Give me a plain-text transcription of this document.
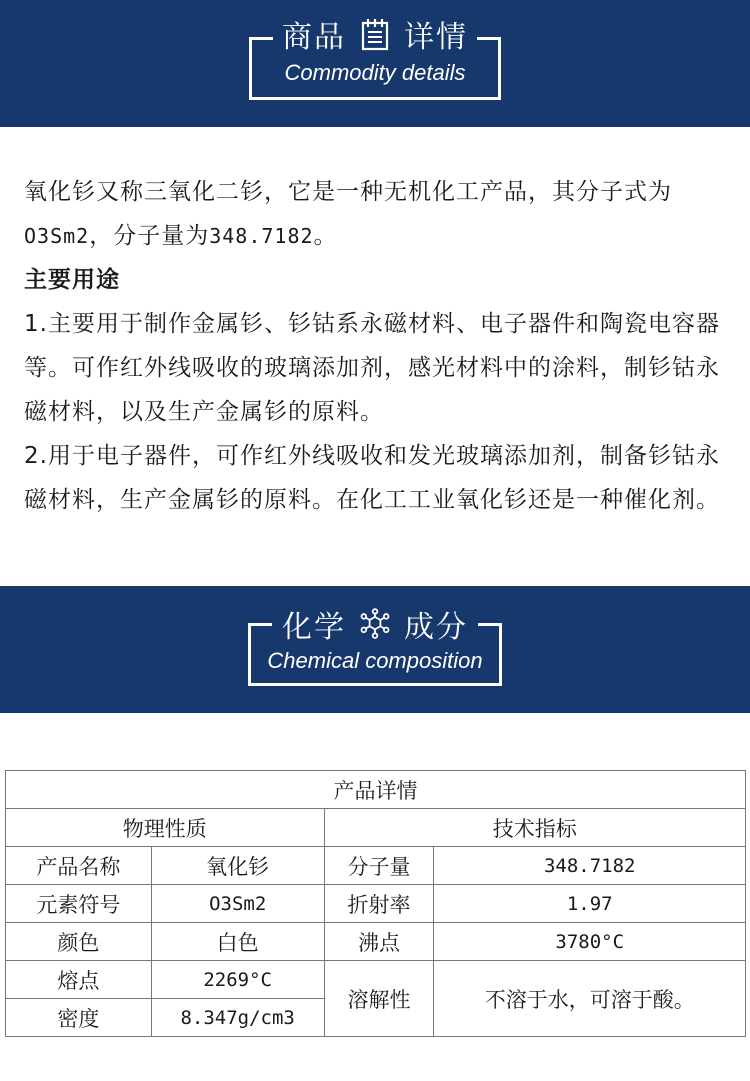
商品 详情
Commodity details

氧化钐又称三氧化二钐，它是一种无机化工产品，其分子式为

O3Sm2，分子量为348.7182。

主要用途

1.主要用于制作金属钐、钐钴系永磁材料、电子器件和陶瓷电容器等。可作红外线吸收的玻璃添加剂，感光材料中的涂料，制钐钴永磁材料，以及生产金属钐的原料。

2.用于电子器件，可作红外线吸收和发光玻璃添加剂，制备钐钴永磁材料，生产金属钐的原料。在化工工业氧化钐还是一种催化剂。

化学 成分
Chemical composition
产品详情			
物理性质		技术指标	
产品名称	氧化钐	分子量	348.7182
元素符号	O3Sm2	折射率	1.97
颜色	白色	沸点	3780°C
熔点	2269°C	溶解性	不溶于水，可溶于酸。
密度	8.347g/cm3		
